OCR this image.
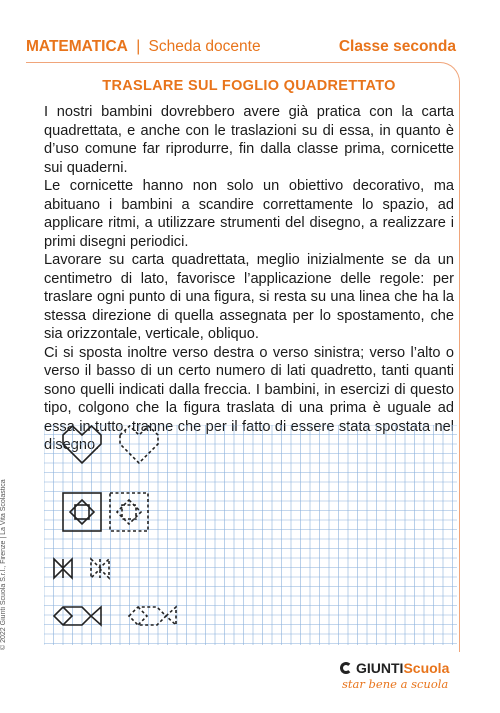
MATEMATICA | Scheda docente	Classe seconda
TRASLARE SUL FOGLIO QUADRETTATO

I nostri bambini dovrebbero avere già pratica con la carta quadrettata, e anche con le traslazioni su di essa, in quanto è d’uso comune far riprodurre, fin dalla classe prima, cornicette sui quaderni.

Le cornicette hanno non solo un obiettivo decorativo, ma abituano i bambini a scandire correttamente lo spazio, ad applicare ritmi, a utilizzare strumenti del disegno, a realizzare i primi disegni periodici.

Lavorare su carta quadrettata, meglio inizialmente se da un centimetro di lato, favorisce l’applicazione delle regole: per traslare ogni punto di una figura, si resta su una linea che ha la stessa direzione di quella assegnata per lo spostamento, che sia orizzontale, verticale, obliquo.

Ci si sposta inoltre verso destra o verso sinistra; verso l’alto o verso il basso di un certo numero di lati quadretto, tanti quanti sono quelli indicati dalla freccia. I bambini, in esercizi di questo tipo, colgono che la figura traslata di una prima è uguale ad essa in tutto, tranne che per il fatto di essere stata spostata nel disegno.

© 2022 Giunti Scuola S.r.l., Firenze | La Vita Scolastica
GIUNTI Scuola
star bene a scuola
